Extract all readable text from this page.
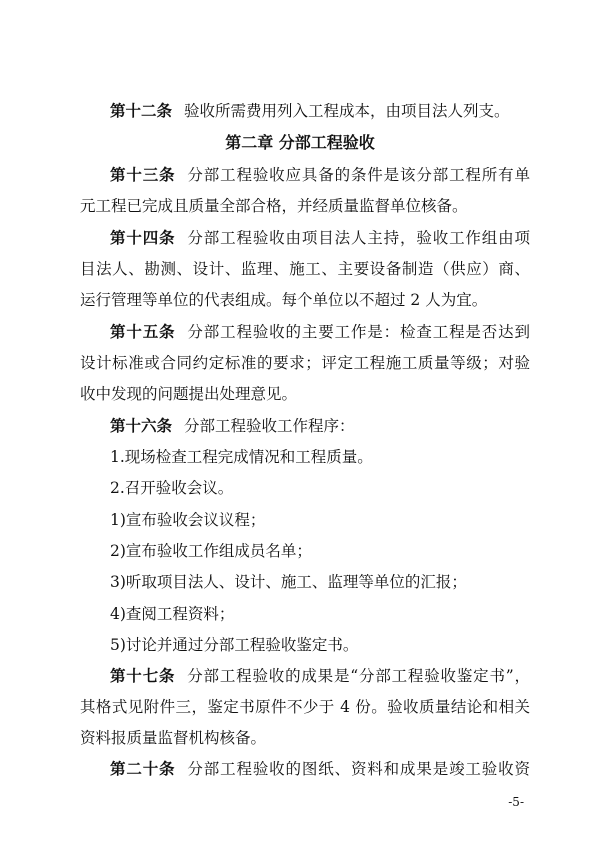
第十二条 验收所需费用列入工程成本，由项目法人列支。
第二章 分部工程验收
第十三条 分部工程验收应具备的条件是该分部工程所有单
元工程已完成且质量全部合格，并经质量监督单位核备。
第十四条 分部工程验收由项目法人主持，验收工作组由项
目法人、勘测、设计、监理、施工、主要设备制造（供应）商、
运行管理等单位的代表组成。每个单位以不超过 2 人为宜。
第十五条 分部工程验收的主要工作是：检查工程是否达到
设计标准或合同约定标准的要求；评定工程施工质量等级；对验
收中发现的问题提出处理意见。
第十六条 分部工程验收工作程序：
1.现场检查工程完成情况和工程质量。
2.召开验收会议。
1)宣布验收会议议程；
2)宣布验收工作组成员名单；
3)听取项目法人、设计、施工、监理等单位的汇报；
4)查阅工程资料；
5)讨论并通过分部工程验收鉴定书。
第十七条 分部工程验收的成果是“分部工程验收鉴定书”，
其格式见附件三，鉴定书原件不少于 4 份。验收质量结论和相关
资料报质量监督机构核备。
第二十条 分部工程验收的图纸、资料和成果是竣工验收资
-5-
